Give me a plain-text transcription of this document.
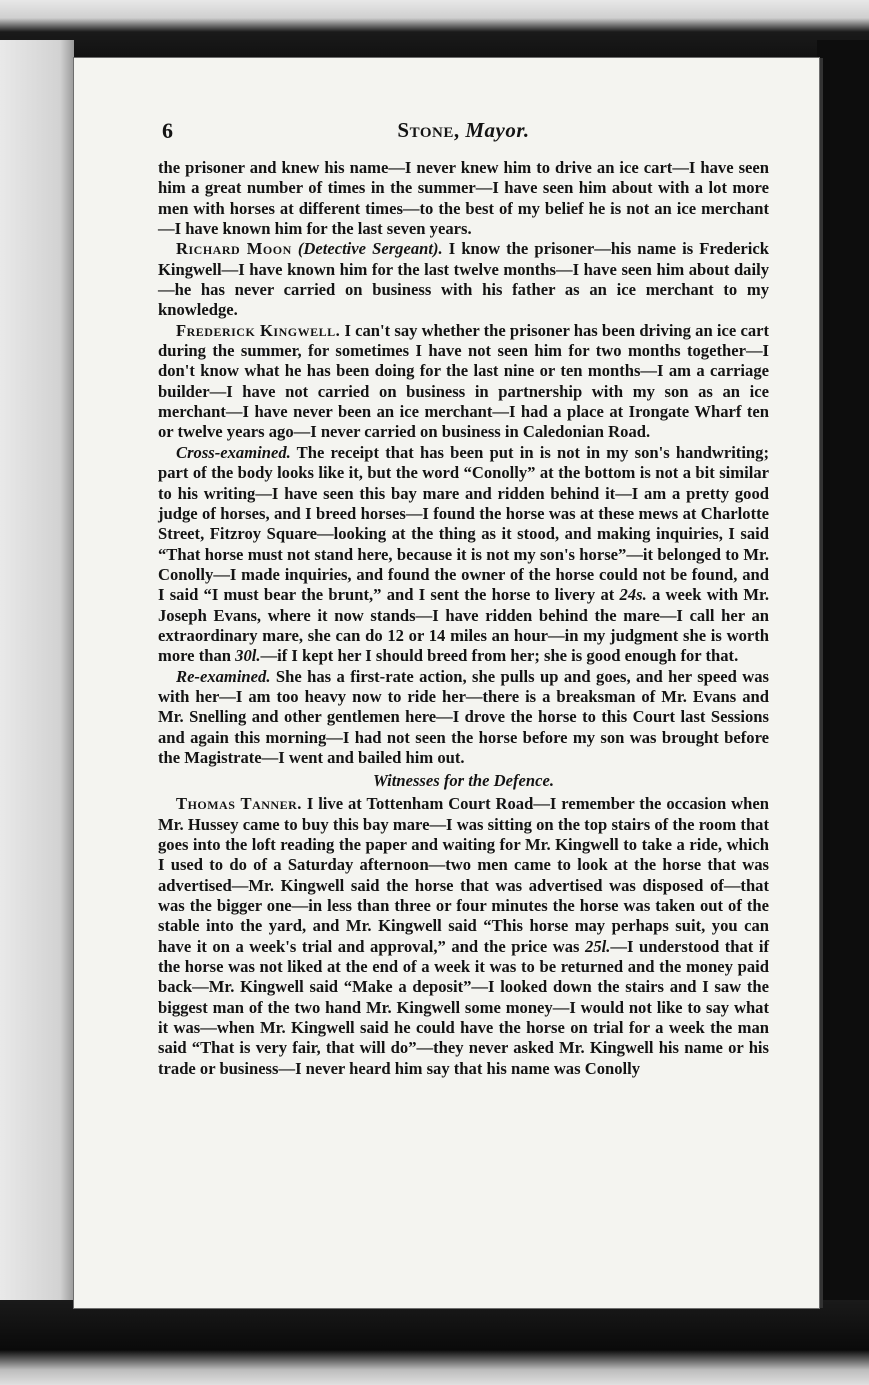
6	Stone, Mayor.

the prisoner and knew his name—I never knew him to drive an ice cart—I have seen him a great number of times in the summer—I have seen him about with a lot more men with horses at different times—to the best of my belief he is not an ice merchant—I have known him for the last seven years.

Richard Moon (Detective Sergeant). I know the prisoner—his name is Frederick Kingwell—I have known him for the last twelve months—I have seen him about daily—he has never carried on business with his father as an ice merchant to my knowledge.

Frederick Kingwell. I can't say whether the prisoner has been driving an ice cart during the summer, for sometimes I have not seen him for two months together—I don't know what he has been doing for the last nine or ten months—I am a carriage builder—I have not carried on business in partnership with my son as an ice merchant—I have never been an ice merchant—I had a place at Irongate Wharf ten or twelve years ago—I never carried on business in Caledonian Road.

Cross-examined. The receipt that has been put in is not in my son's handwriting; part of the body looks like it, but the word “Conolly” at the bottom is not a bit similar to his writing—I have seen this bay mare and ridden behind it—I am a pretty good judge of horses, and I breed horses—I found the horse was at these mews at Charlotte Street, Fitzroy Square—looking at the thing as it stood, and making inquiries, I said “That horse must not stand here, because it is not my son's horse”—it belonged to Mr. Conolly—I made inquiries, and found the owner of the horse could not be found, and I said “I must bear the brunt,” and I sent the horse to livery at 24s. a week with Mr. Joseph Evans, where it now stands—I have ridden behind the mare—I call her an extraordinary mare, she can do 12 or 14 miles an hour—in my judgment she is worth more than 30l.—if I kept her I should breed from her; she is good enough for that.

Re-examined. She has a first-rate action, she pulls up and goes, and her speed was with her—I am too heavy now to ride her—there is a breaksman of Mr. Evans and Mr. Snelling and other gentlemen here—I drove the horse to this Court last Sessions and again this morning—I had not seen the horse before my son was brought before the Magistrate—I went and bailed him out.

Witnesses for the Defence.

Thomas Tanner. I live at Tottenham Court Road—I remember the occasion when Mr. Hussey came to buy this bay mare—I was sitting on the top stairs of the room that goes into the loft reading the paper and waiting for Mr. Kingwell to take a ride, which I used to do of a Saturday afternoon—two men came to look at the horse that was advertised—Mr. Kingwell said the horse that was advertised was disposed of—that was the bigger one—in less than three or four minutes the horse was taken out of the stable into the yard, and Mr. Kingwell said “This horse may perhaps suit, you can have it on a week's trial and approval,” and the price was 25l.—I understood that if the horse was not liked at the end of a week it was to be returned and the money paid back—Mr. Kingwell said “Make a deposit”—I looked down the stairs and I saw the biggest man of the two hand Mr. Kingwell some money—I would not like to say what it was—when Mr. Kingwell said he could have the horse on trial for a week the man said “That is very fair, that will do”—they never asked Mr. Kingwell his name or his trade or business—I never heard him say that his name was Conolly
